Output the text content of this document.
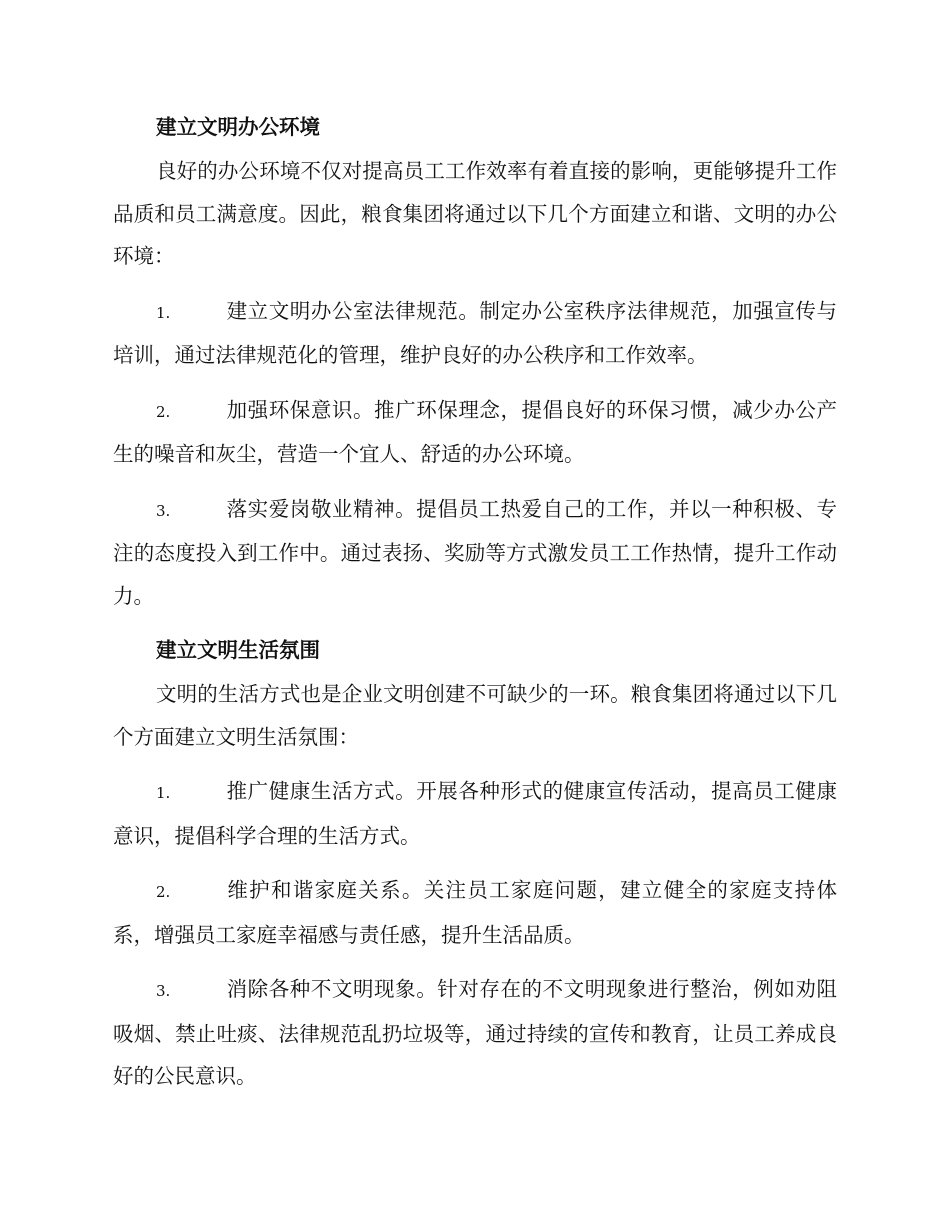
建立文明办公环境

良好的办公环境不仅对提高员工工作效率有着直接的影响，更能够提升工作品质和员工满意度。因此，粮食集团将通过以下几个方面建立和谐、文明的办公环境：

1.	建立文明办公室法律规范。制定办公室秩序法律规范，加强宣传与培训，通过法律规范化的管理，维护良好的办公秩序和工作效率。

2.	加强环保意识。推广环保理念，提倡良好的环保习惯，减少办公产生的噪音和灰尘，营造一个宜人、舒适的办公环境。

3.	落实爱岗敬业精神。提倡员工热爱自己的工作，并以一种积极、专注的态度投入到工作中。通过表扬、奖励等方式激发员工工作热情，提升工作动力。

建立文明生活氛围

文明的生活方式也是企业文明创建不可缺少的一环。粮食集团将通过以下几个方面建立文明生活氛围：

1.	推广健康生活方式。开展各种形式的健康宣传活动，提高员工健康意识，提倡科学合理的生活方式。

2.	维护和谐家庭关系。关注员工家庭问题，建立健全的家庭支持体系，增强员工家庭幸福感与责任感，提升生活品质。

3.	消除各种不文明现象。针对存在的不文明现象进行整治，例如劝阻吸烟、禁止吐痰、法律规范乱扔垃圾等，通过持续的宣传和教育，让员工养成良好的公民意识。
